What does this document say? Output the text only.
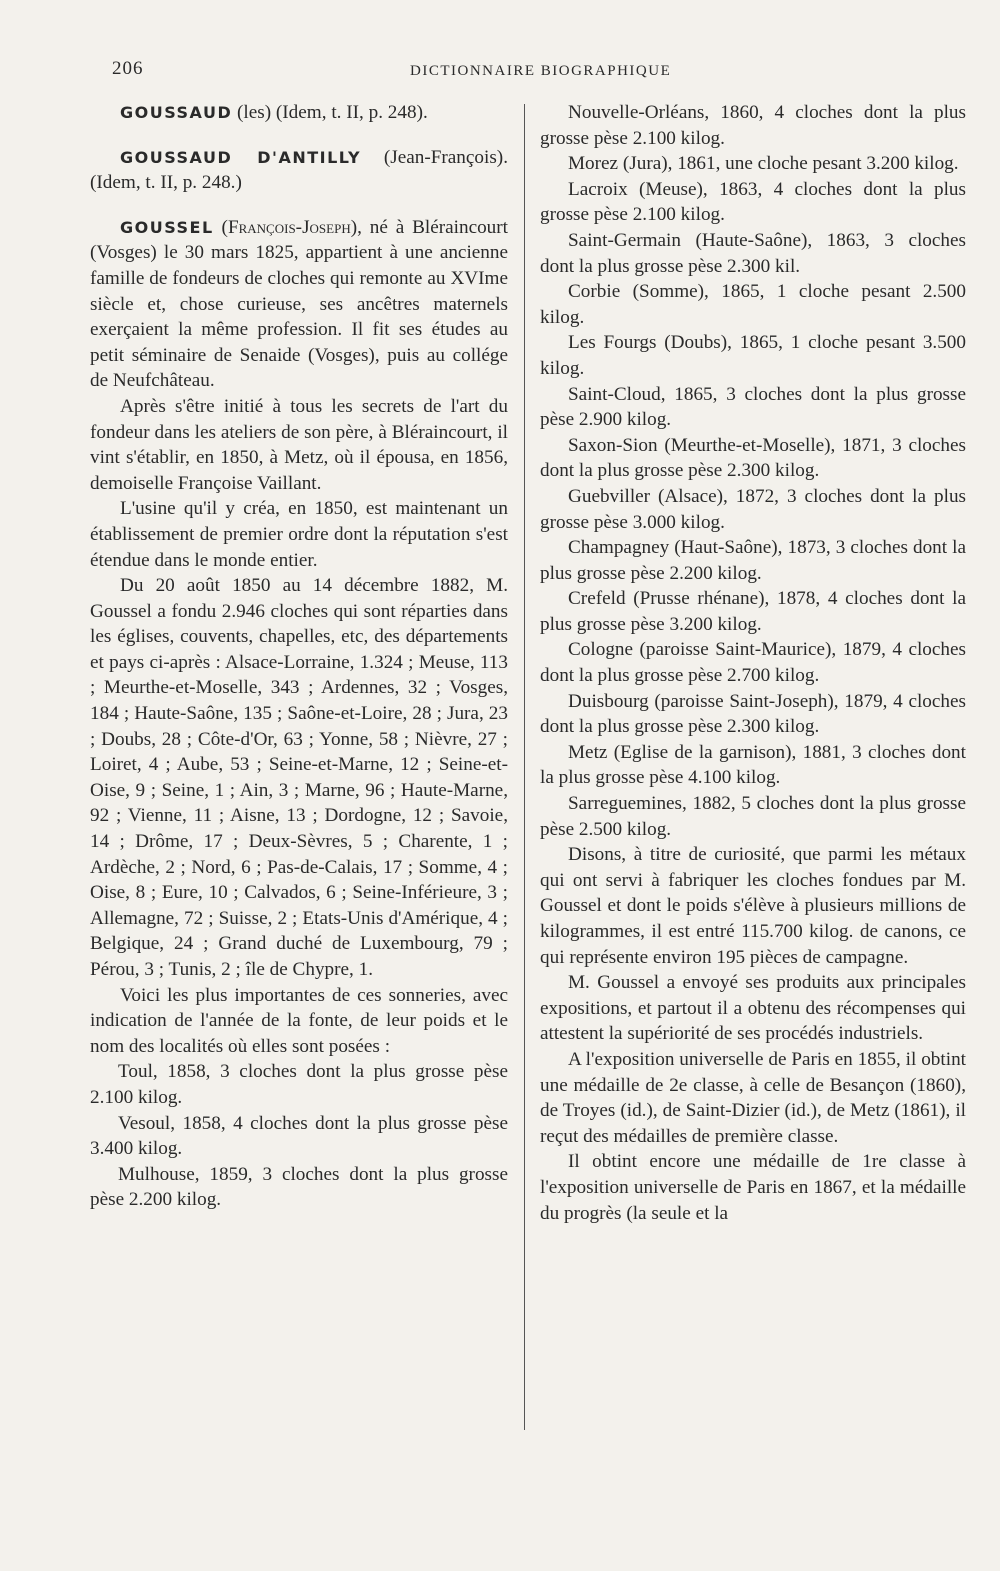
206	DICTIONNAIRE BIOGRAPHIQUE

GOUSSAUD (les) (Idem, t. II, p. 248).

GOUSSAUD D'ANTILLY (Jean-François). (Idem, t. II, p. 248.)

GOUSSEL (François-Joseph), né à Bléraincourt (Vosges) le 30 mars 1825, appartient à une ancienne famille de fondeurs de cloches qui remonte au XVIme siècle et, chose curieuse, ses ancêtres maternels exerçaient la même profession. Il fit ses études au petit séminaire de Senaide (Vosges), puis au collége de Neufchâteau.

Après s'être initié à tous les secrets de l'art du fondeur dans les ateliers de son père, à Bléraincourt, il vint s'établir, en 1850, à Metz, où il épousa, en 1856, demoiselle Françoise Vaillant.

L'usine qu'il y créa, en 1850, est maintenant un établissement de premier ordre dont la réputation s'est étendue dans le monde entier.

Du 20 août 1850 au 14 décembre 1882, M. Goussel a fondu 2.946 cloches qui sont réparties dans les églises, couvents, chapelles, etc, des départements et pays ci-après : Alsace-Lorraine, 1.324 ; Meuse, 113 ; Meurthe-et-Moselle, 343 ; Ardennes, 32 ; Vosges, 184 ; Haute-Saône, 135 ; Saône-et-Loire, 28 ; Jura, 23 ; Doubs, 28 ; Côte-d'Or, 63 ; Yonne, 58 ; Nièvre, 27 ; Loiret, 4 ; Aube, 53 ; Seine-et-Marne, 12 ; Seine-et-Oise, 9 ; Seine, 1 ; Ain, 3 ; Marne, 96 ; Haute-Marne, 92 ; Vienne, 11 ; Aisne, 13 ; Dordogne, 12 ; Savoie, 14 ; Drôme, 17 ; Deux-Sèvres, 5 ; Charente, 1 ; Ardèche, 2 ; Nord, 6 ; Pas-de-Calais, 17 ; Somme, 4 ; Oise, 8 ; Eure, 10 ; Calvados, 6 ; Seine-Inférieure, 3 ; Allemagne, 72 ; Suisse, 2 ; Etats-Unis d'Amérique, 4 ; Belgique, 24 ; Grand duché de Luxembourg, 79 ; Pérou, 3 ; Tunis, 2 ; île de Chypre, 1.

Voici les plus importantes de ces sonneries, avec indication de l'année de la fonte, de leur poids et le nom des localités où elles sont posées :

Toul, 1858, 3 cloches dont la plus grosse pèse 2.100 kilog.

Vesoul, 1858, 4 cloches dont la plus grosse pèse 3.400 kilog.

Mulhouse, 1859, 3 cloches dont la plus grosse pèse 2.200 kilog.

Nouvelle-Orléans, 1860, 4 cloches dont la plus grosse pèse 2.100 kilog.

Morez (Jura), 1861, une cloche pesant 3.200 kilog.

Lacroix (Meuse), 1863, 4 cloches dont la plus grosse pèse 2.100 kilog.

Saint-Germain (Haute-Saône), 1863, 3 cloches dont la plus grosse pèse 2.300 kil.

Corbie (Somme), 1865, 1 cloche pesant 2.500 kilog.

Les Fourgs (Doubs), 1865, 1 cloche pesant 3.500 kilog.

Saint-Cloud, 1865, 3 cloches dont la plus grosse pèse 2.900 kilog.

Saxon-Sion (Meurthe-et-Moselle), 1871, 3 cloches dont la plus grosse pèse 2.300 kilog.

Guebviller (Alsace), 1872, 3 cloches dont la plus grosse pèse 3.000 kilog.

Champagney (Haut-Saône), 1873, 3 cloches dont la plus grosse pèse 2.200 kilog.

Crefeld (Prusse rhénane), 1878, 4 cloches dont la plus grosse pèse 3.200 kilog.

Cologne (paroisse Saint-Maurice), 1879, 4 cloches dont la plus grosse pèse 2.700 kilog.

Duisbourg (paroisse Saint-Joseph), 1879, 4 cloches dont la plus grosse pèse 2.300 kilog.

Metz (Eglise de la garnison), 1881, 3 cloches dont la plus grosse pèse 4.100 kilog.

Sarreguemines, 1882, 5 cloches dont la plus grosse pèse 2.500 kilog.

Disons, à titre de curiosité, que parmi les métaux qui ont servi à fabriquer les cloches fondues par M. Goussel et dont le poids s'élève à plusieurs millions de kilogrammes, il est entré 115.700 kilog. de canons, ce qui représente environ 195 pièces de campagne.

M. Goussel a envoyé ses produits aux principales expositions, et partout il a obtenu des récompenses qui attestent la supériorité de ses procédés industriels.

A l'exposition universelle de Paris en 1855, il obtint une médaille de 2e classe, à celle de Besançon (1860), de Troyes (id.), de Saint-Dizier (id.), de Metz (1861), il reçut des médailles de première classe.

Il obtint encore une médaille de 1re classe à l'exposition universelle de Paris en 1867, et la médaille du progrès (la seule et la
